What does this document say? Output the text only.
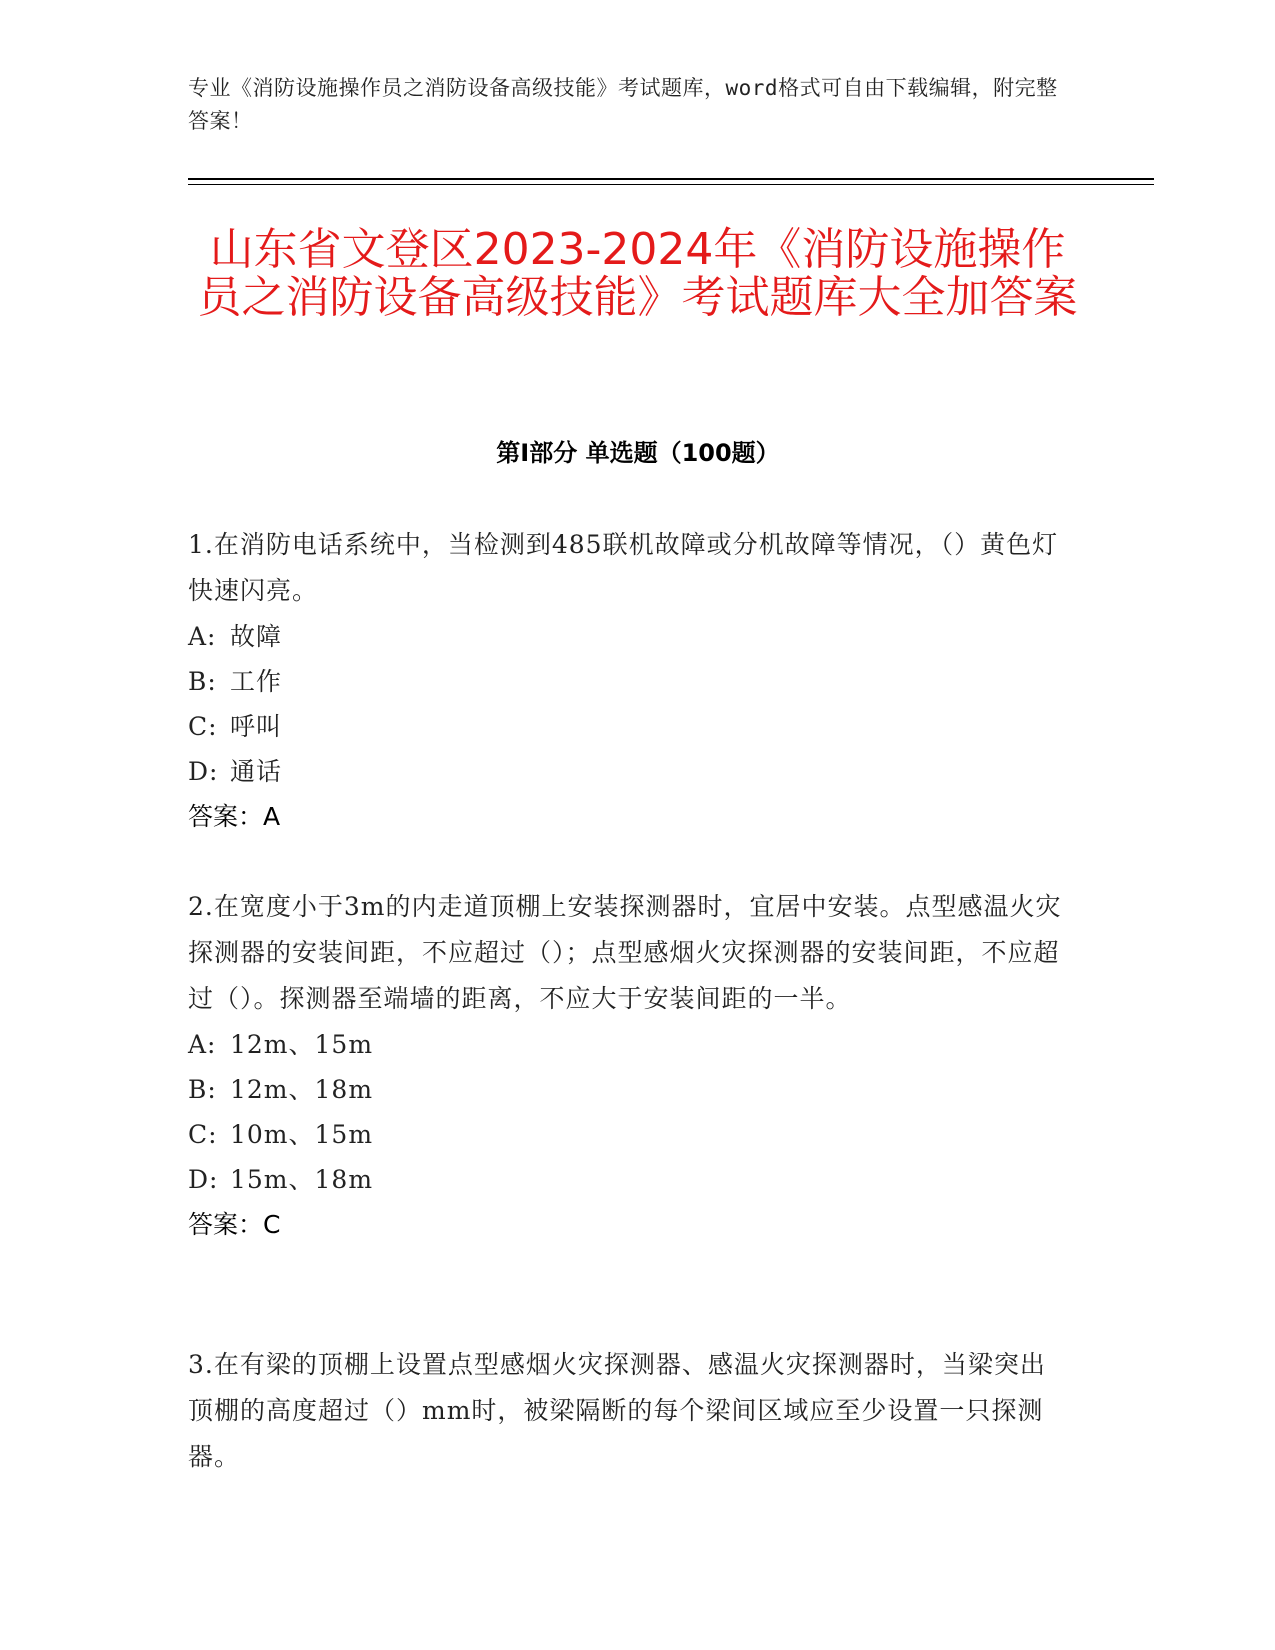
专业《消防设施操作员之消防设备高级技能》考试题库，word格式可自由下载编辑，附完整答案！
山东省文登区2023-2024年《消防设施操作员之消防设备高级技能》考试题库大全加答案
第I部分 单选题（100题）
1.在消防电话系统中，当检测到485联机故障或分机故障等情况，（）黄色灯快速闪亮。
A: 故障
B: 工作
C: 呼叫
D: 通话
答案：A
2.在宽度小于3m的内走道顶棚上安装探测器时，宜居中安装。点型感温火灾探测器的安装间距，不应超过（）；点型感烟火灾探测器的安装间距，不应超过（）。探测器至端墙的距离，不应大于安装间距的一半。
A: 12m、15m
B: 12m、18m
C: 10m、15m
D: 15m、18m
答案：C
3.在有梁的顶棚上设置点型感烟火灾探测器、感温火灾探测器时，当梁突出顶棚的高度超过（）mm时，被梁隔断的每个梁间区域应至少设置一只探测器。
